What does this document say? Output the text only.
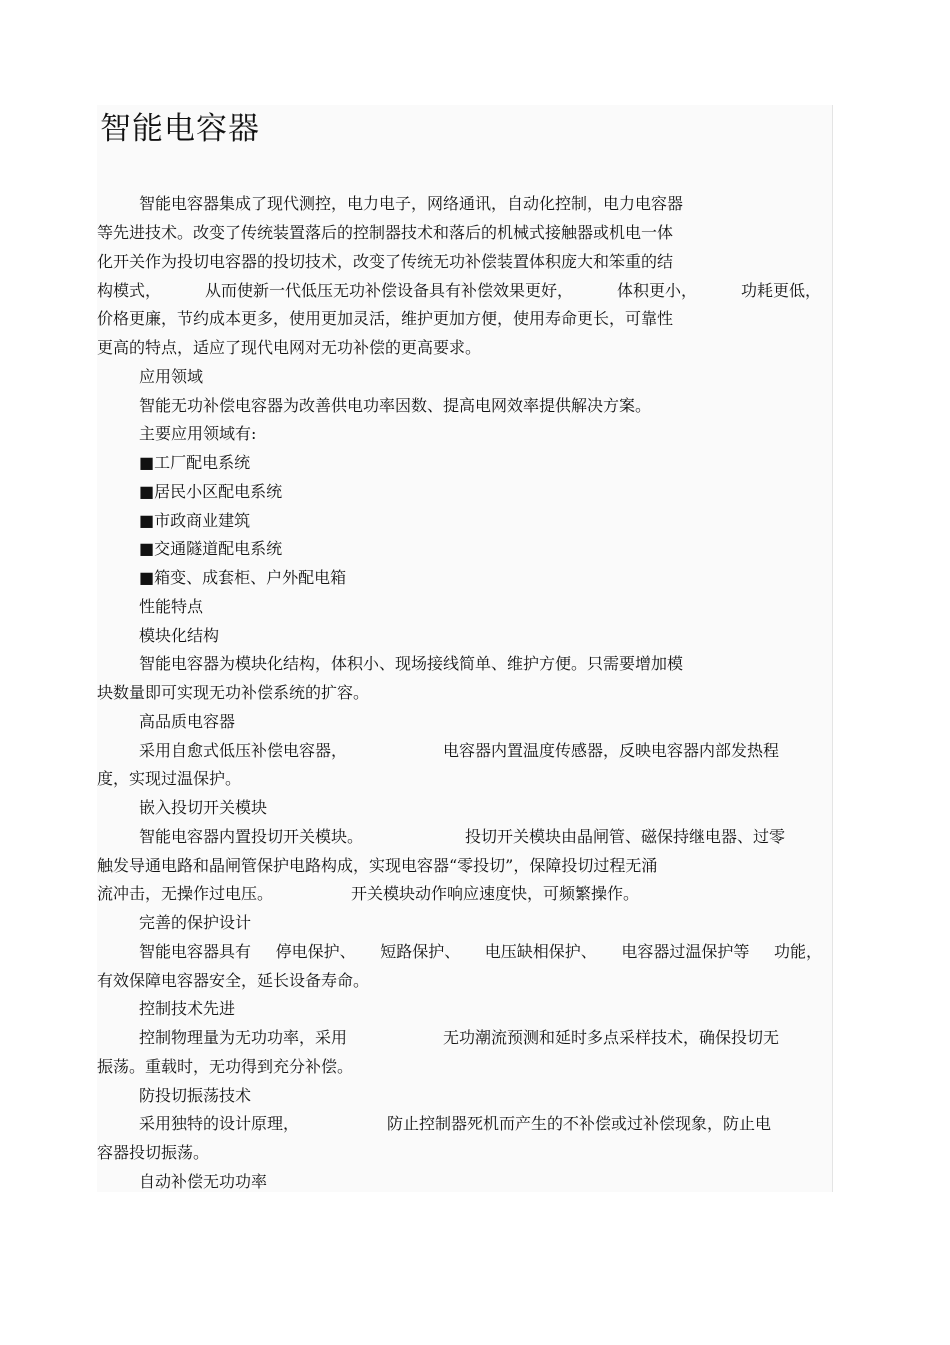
智能电容器

智能电容器集成了现代测控，电力电子，网络通讯，自动化控制，电力电容器

等先进技术。改变了传统装置落后的控制器技术和落后的机械式接触器或机电一体

化开关作为投切电容器的投切技术，改变了传统无功补偿装置体积庞大和笨重的结

构模式，	从而使新一代低压无功补偿设备具有补偿效果更好，	体积更小，	功耗更低，

价格更廉，节约成本更多，使用更加灵活，维护更加方便，使用寿命更长，可靠性

更高的特点，适应了现代电网对无功补偿的更高要求。

应用领域

智能无功补偿电容器为改善供电功率因数、提高电网效率提供解决方案。

主要应用领域有:

■工厂配电系统

■居民小区配电系统

■市政商业建筑

■交通隧道配电系统

■箱变、成套柜、户外配电箱

性能特点

模块化结构

智能电容器为模块化结构，体积小、现场接线简单、维护方便。只需要增加模

块数量即可实现无功补偿系统的扩容。

高品质电容器

采用自愈式低压补偿电容器，	电容器内置温度传感器，反映电容器内部发热程

度，实现过温保护。

嵌入投切开关模块

智能电容器内置投切开关模块。	投切开关模块由晶闸管、磁保持继电器、过零

触发导通电路和晶闸管保护电路构成，实现电容器“零投切”，保障投切过程无涌

流冲击，无操作过电压。	开关模块动作响应速度快，可频繁操作。

完善的保护设计

智能电容器具有 停电保护、 短路保护、 电压缺相保护、 电容器过温保护等 功能，

有效保障电容器安全，延长设备寿命。

控制技术先进

控制物理量为无功功率，采用	无功潮流预测和延时多点采样技术，确保投切无

振荡。重载时，无功得到充分补偿。

防投切振荡技术

采用独特的设计原理，	防止控制器死机而产生的不补偿或过补偿现象，防止电

容器投切振荡。

自动补偿无功功率
